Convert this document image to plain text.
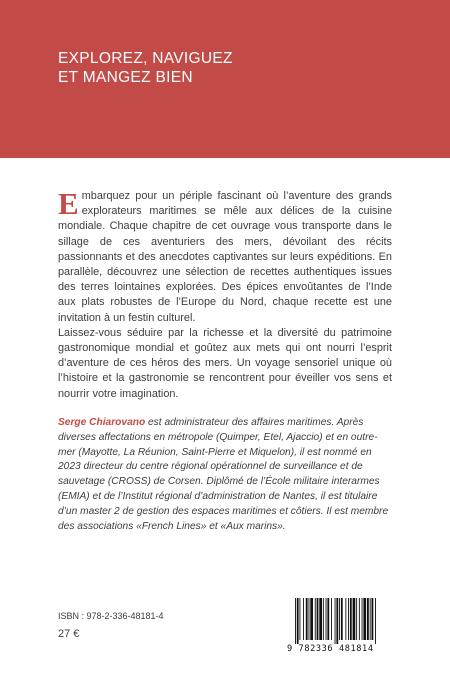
EXPLOREZ, NAVIGUEZ
ET MANGEZ BIEN

Embarquez pour un périple fascinant où l’aventure des grands explorateurs maritimes se mêle aux délices de la cuisine mondiale. Chaque chapitre de cet ouvrage vous transporte dans le sillage de ces aventuriers des mers, dévoilant des récits passionnants et des anecdotes captivantes sur leurs expéditions. En parallèle, découvrez une sélection de recettes authentiques issues des terres lointaines explorées. Des épices envoûtantes de l’Inde aux plats robustes de l’Europe du Nord, chaque recette est une invitation à un festin culturel.

Laissez-vous séduire par la richesse et la diversité du patrimoine gastronomique mondial et goûtez aux mets qui ont nourri l’esprit d’aventure de ces héros des mers. Un voyage sensoriel unique où l’histoire et la gastronomie se rencontrent pour éveiller vos sens et nourrir votre imagination.

Serge Chiarovano est administrateur des affaires maritimes. Après diverses affectations en métropole (Quimper, Etel, Ajaccio) et en outre-mer (Mayotte, La Réunion, Saint-Pierre et Miquelon), il est nommé en 2023 directeur du centre régional opérationnel de surveillance et de sauvetage (CROSS) de Corsen. Diplômé de l’École militaire interarmes (EMIA) et de l’Institut régional d’administration de Nantes, il est titulaire d’un master 2 de gestion des espaces maritimes et côtiers. Il est membre des associations «French Lines» et «Aux marins».
ISBN : 978-2-336-48181-4
27 €
9 782336 481814
